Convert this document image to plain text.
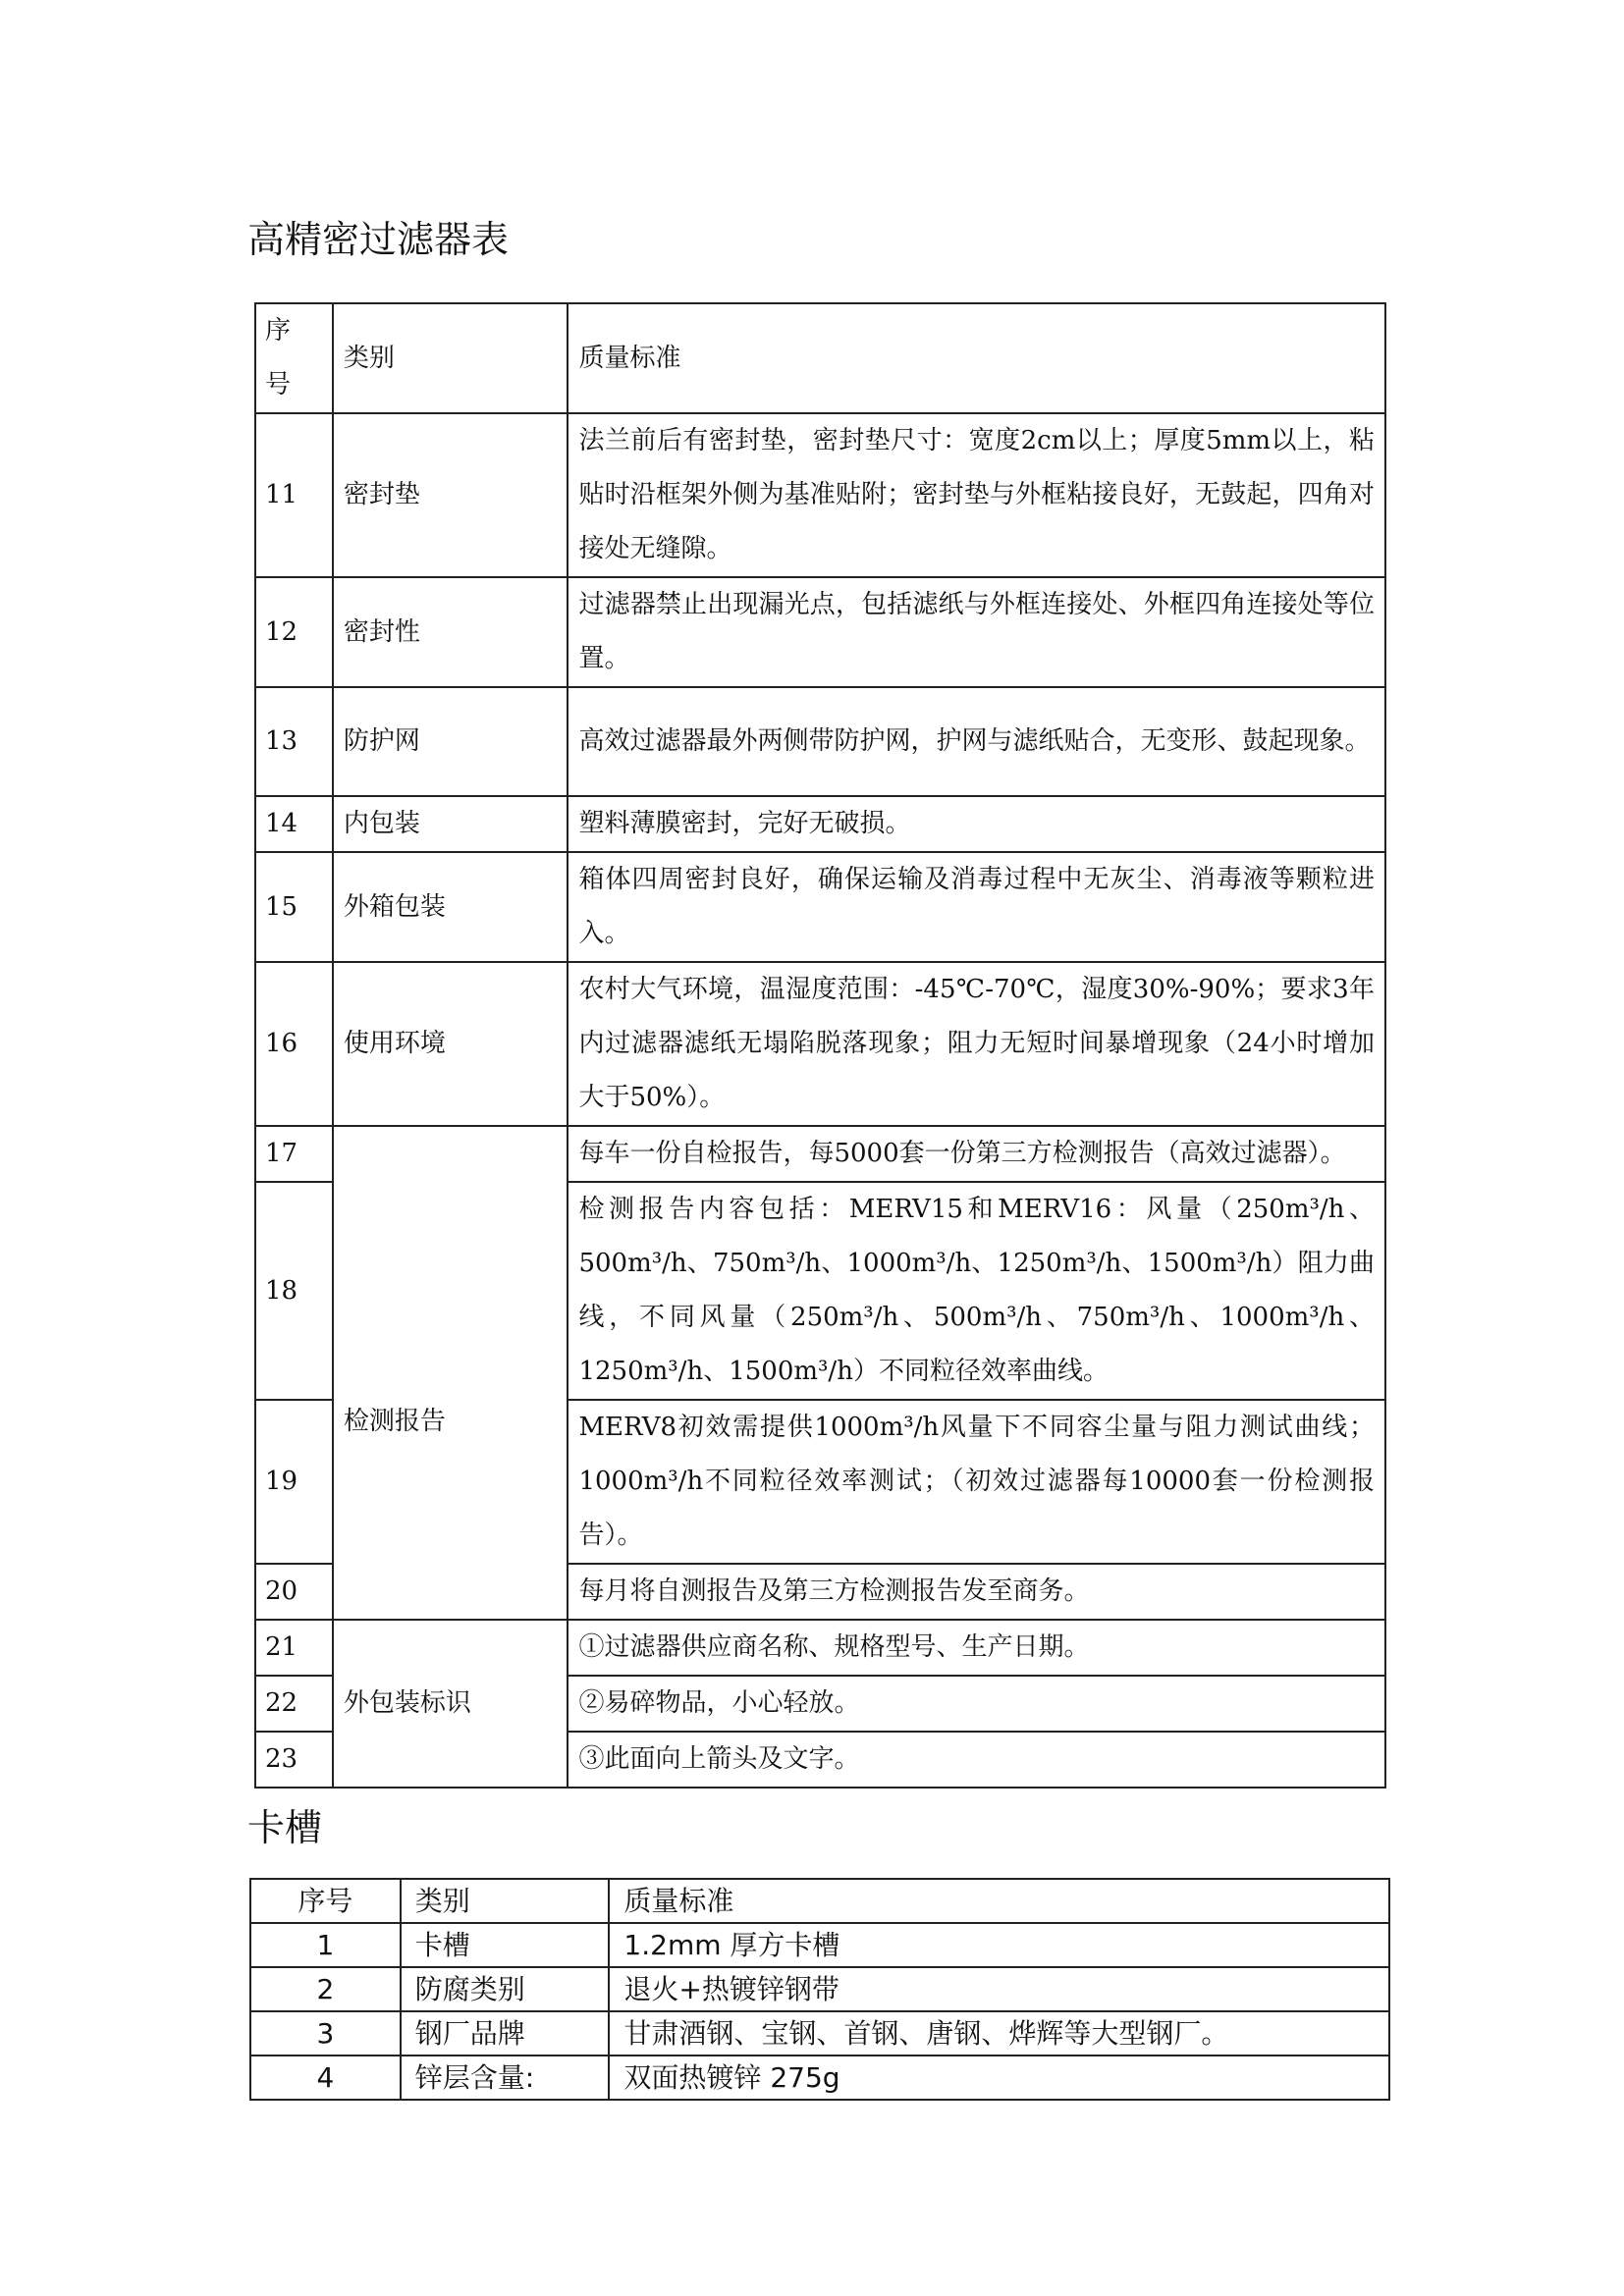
高精密过滤器表
序号	类别	质量标准
11	密封垫	法兰前后有密封垫，密封垫尺寸：宽度2cm以上；厚度5mm以上，粘贴时沿框架外侧为基准贴附；密封垫与外框粘接良好，无鼓起，四角对接处无缝隙。
12	密封性	过滤器禁止出现漏光点，包括滤纸与外框连接处、外框四角连接处等位置。
13	防护网	高效过滤器最外两侧带防护网，护网与滤纸贴合，无变形、鼓起现象。
14	内包装	塑料薄膜密封，完好无破损。
15	外箱包装	箱体四周密封良好，确保运输及消毒过程中无灰尘、消毒液等颗粒进入。
16	使用环境	农村大气环境，温湿度范围：-45℃-70℃，湿度30%-90%；要求3年内过滤器滤纸无塌陷脱落现象；阻力无短时间暴增现象（24小时增加大于50%）。
17	检测报告	每车一份自检报告，每5000套一份第三方检测报告（高效过滤器）。
18		检测报告内容包括：MERV15和MERV16：风量（250m³/h、500m³/h、750m³/h、1000m³/h、1250m³/h、1500m³/h）阻力曲线，不同风量（250m³/h、500m³/h、750m³/h、1000m³/h、1250m³/h、1500m³/h）不同粒径效率曲线。
19		MERV8初效需提供1000m³/h风量下不同容尘量与阻力测试曲线；1000m³/h不同粒径效率测试；（初效过滤器每10000套一份检测报告）。
20		每月将自测报告及第三方检测报告发至商务。
21	外包装标识	①过滤器供应商名称、规格型号、生产日期。
22		②易碎物品，小心轻放。
23		③此面向上箭头及文字。
卡槽
序号	类别	质量标准
1	卡槽	1.2mm 厚方卡槽
2	防腐类别	退火+热镀锌钢带
3	钢厂品牌	甘肃酒钢、宝钢、首钢、唐钢、烨辉等大型钢厂。
4	锌层含量:	双面热镀锌 275g
